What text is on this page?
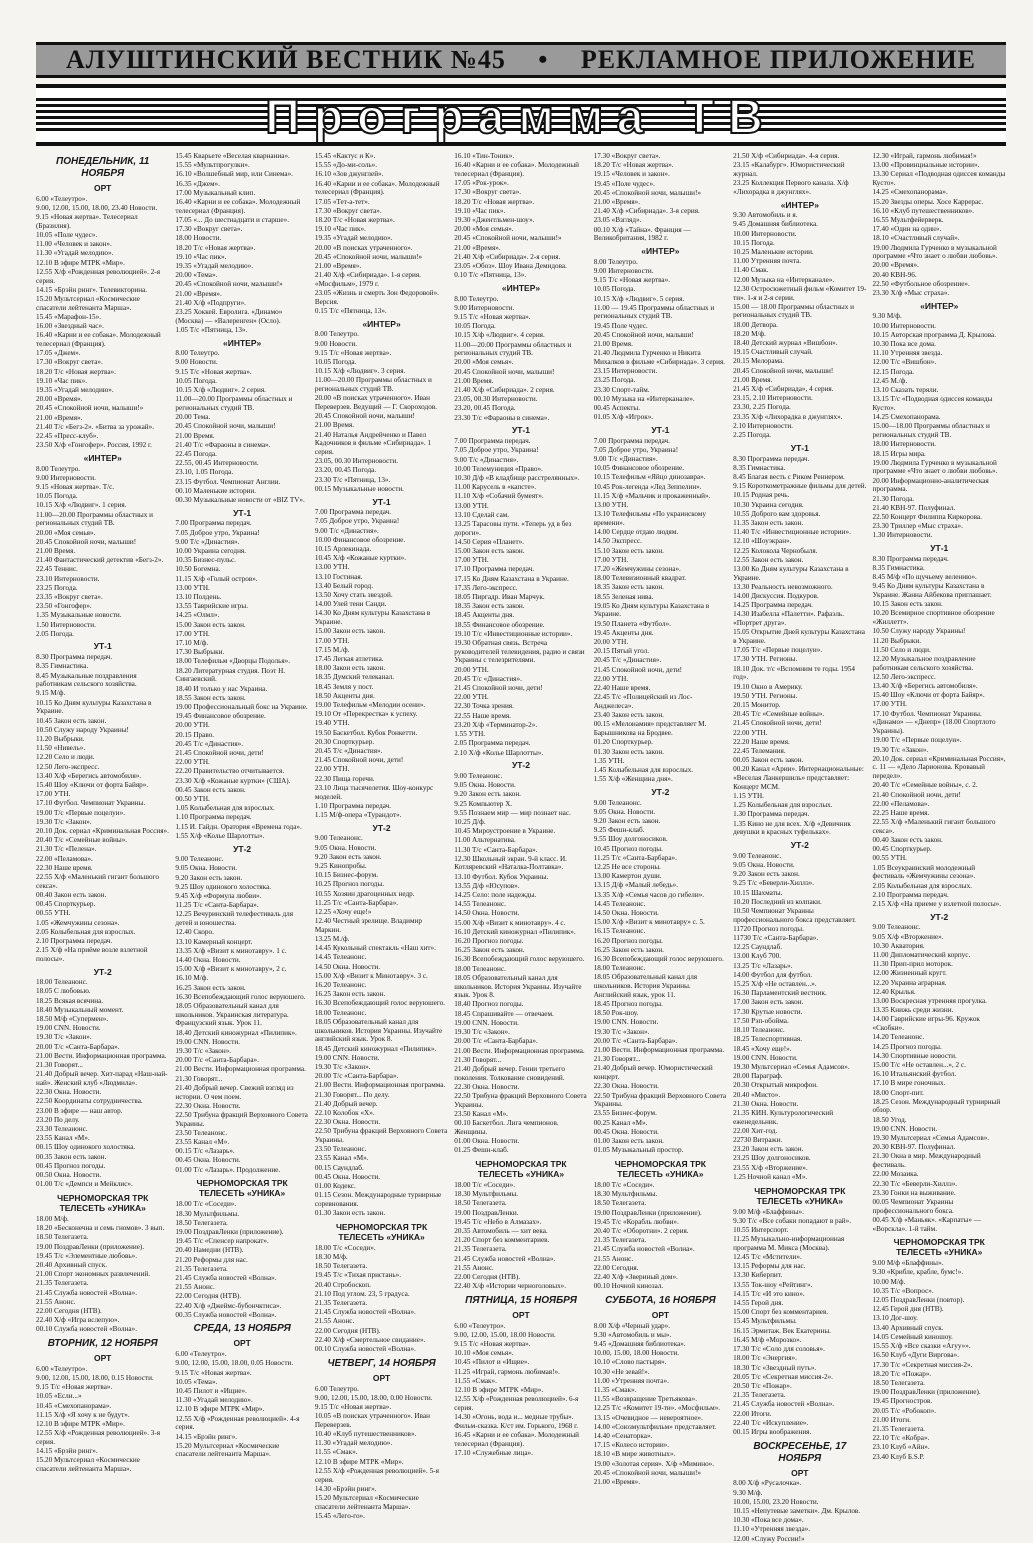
АЛУШТИНСКИЙ ВЕСТНИК №45 • РЕКЛАМНОЕ ПРИЛОЖЕНИЕ
Программа ТВ
ПОНЕДЕЛЬНИК, 11 НОЯБРЯ
ОРТ
6.00 «Телеутро».
9.00, 12.00, 15.00, 18.00, 23.40 Новости.
9.15 «Новая жертва». Телесериал (Бразилия).
10.05 «Поле чудес».
11.00 «Человек и закон».
11.30 «Угадай мелодию».
12.10 В эфире МТРК «Мир».
12.55 Х/ф «Рожденная революцией». 2-я серия.
14.15 «Брэйн ринг». Телевикторина.
15.20 Мультсериал «Космические спасатели лейтенанта Марша».
15.45 «Марафон-15».
16.00 «Звездный час».
16.40 «Карни и ее собака». Молодежный телесериал (Франция).
17.05 «Джем».
17.30 «Вокруг света».
18.20 Т/с «Новая жертва».
19.10 «Час пик».
19.35 «Угадай мелодию».
20.00 «Время».
20.45 «Спокойной ночи, малыши!»
21.00 «Время».
21.40 Т/с «Бегз-2». «Битва за урожай».
22.45 «Пресс-клуб».
23.50 Х/ф «Гонгофер». Россия, 1992 г.
«ИНТЕР»
8.00 Телеутро.
9.00 Интерновости.
9.15 «Новая жертва». Т/с.
10.05 Погода.
10.15 Х/ф «Людвиг». 1 серия.
11.00—20.00 Программы областных и региональных студий ТВ.
20.00 «Моя семья».
20.45 Спокойной ночи, малыши!
21.00 Время.
21.40 Фантастический детектив «Бегз-2».
22.45 Теннис.
23.10 Интерновости.
23.25 Погода.
23.35 «Вокруг света».
23.50 «Гонгофер».
1.35 Музыкальные новости.
1.50 Интерновости.
2.05 Погода.
УТ-1
8.30 Программа передач.
8.35 Гимнастика.
8.45 Музыкальные поздравления работникам сельского хозяйства.
9.15 М/ф.
10.15 Ко Дням культуры Казахстана в Украине.
10.45 Закон есть закон.
10.50 Служу народу Украины!
11.20 Выбрыки.
11.50 «Нивель».
12.20 Село и люди.
12.50 Лего-экспресс.
13.40 Х/ф «Берегись автомобиля».
15.40 Шоу «Ключи от форта Байяр».
17.00 УТН.
17.10 Футбол. Чемпионат Украины.
19.00 Т/с «Первые поцелуи».
19.30 Т/с «Закон».
20.10 Док. сериал «Криминальная Россия».
20.40 Т/с «Семейные войны».
21.30 Т/с «Пелена».
22.00 «Пеламова».
22.30 Наше время.
22.55 Х/ф «Маленький гигант большого секса».
00.40 Закон есть закон.
00.45 Спорткурьер.
00.55 УТН.
1.05 «Жемчужины сезона».
2.05 Колыбельная для взрослых.
2.10 Программа передач.
2.15 Х/ф «На приёме возле взлетной полосы».
УТ-2
18.00 Телеанонс.
18.05 С любовью.
18.25 Всякая всячина.
18.40 Музыкальный момент.
18.50 М/ф «Супермен».
19.00 CNN. Новости.
19.30 Т/с «Закон».
20.00 Т/с «Санта-Барбара».
21.00 Вести. Информационная программа.
21.30 Говорят...
21.40 Добрый вечер. Хит-парад «Наш-най-най». Женский клуб «Людмила».
22.30 Окна. Новости.
22.50 Координаты сотрудничества.
23.00 В эфире — наш автор.
23.20 По делу.
23.30 Телеанонс.
23.55 Канал «М».
00.15 Шоу одинокого холостяка.
00.35 Закон есть закон.
00.45 Прогноз погоды.
00.50 Окна. Новости.
01.00 Т/с «Демпси и Мейклис».
ЧЕРНОМОРСКАЯ ТРК ТЕЛЕСЕТЬ «УНИКА»
18.00 М/ф.
18.20 «Бесконечна и семь гномов». 3 вып.
18.50 Телегазета.
19.00 ПоздравЛенки (приложение).
19.45 Т/с «Элементные любовь».
20.40 Архивный спуск.
21.00 Спорт экономных развлечений.
21.35 Телегазета.
21.45 Служба новостей «Волна».
21.55 Анонс.
22.00 Сегодня (НТВ).
22.40 Х/ф «Игра вслепую».
00.10 Служба новостей «Волна».
ВТОРНИК, 12 НОЯБРЯ
ОРТ
6.00 «Телеутро».
9.00, 12.00, 15.00, 18.00, 0.15 Новости.
9.15 Т/с «Новая жертва».
10.05 «Если...»
10.45 «Смехопанорама».
11.15 Х/ф «Я хочу к не будут».
12.10 В эфире МТРК «Мир».
12.55 Х/ф «Рожденная революцией». 3-я серия.
14.15 «Брэйн ринг».
15.20 Мультсериал «Космические спасатели лейтенанта Марша».
15.45 Кварьете «Веселая кварнаниа».
15.55 «Мультпрогулки».
16.10 «Волшебный мир, или Синема».
16.35 «Джем».
17.00 Музыкальный клип.
16.40 «Карни и ее собака». Молодежный телесериал (Франция).
17.05 «... До шестнадцати и старше».
17.30 «Вокруг света».
18.00 Новости.
18.20 Т/с «Новая жертва».
19.10 «Час пик».
19.35 «Угадай мелодию».
20.00 «Тема».
20.45 «Спокойной ночи, малыши!»
21.00 «Время».
21.40 Х/ф «Подпруги».
23.25 Хоккей. Евролига. «Динамо» (Москва) — «Валеренген» (Осло).
1.05 Т/с «Пятница, 13».
«ИНТЕР»
8.00 Телеутро.
9.00 Новости.
9.15 Т/с «Новая жертва».
10.05 Погода.
10.15 Х/ф «Людвиг». 2 серия.
11.00—20.00 Программы областных и региональных студий ТВ.
20.00 Тема.
20.45 Спокойной ночи, малыши!
21.00 Время.
21.40 Т/с «Фараоны в синема».
22.45 Погода.
22.55, 00.45 Интерновости.
23.10, 1.05 Погода.
23.15 Футбол. Чемпионат Англии.
00.10 Маленькие истории.
00.30 Музыкальные новости от «BIZ TV».
УТ-1
7.00 Программа передач.
7.05 Доброе утро, Украина!
9.00 Т/с «Династия».
10.00 Украина сегодня.
10.35 Бизнес-пульс.
10.50 Богемна.
11.15 Х/ф «Голый остров».
13.00 УТН.
13.10 Полдень.
13.55 Таврийские игры.
14.25 «Олмл».
15.00 Закон есть закон.
17.00 УТН.
17.10 М/ф.
17.30 Выбрыки.
18.00 Телефильм «Дворцы Подолья».
18.20 Литературная студия. Поэт Н. Сингаевский.
18.40 И только у нас Украина.
18.55 Закон есть закон.
19.00 Профессиональный бокс на Украине.
19.45 Финансовое обозрение.
20.00 УТН.
20.15 Право.
20.45 Т/с «Династия».
21.45 Спокойной ночи, дети!
22.00 УТН.
22.20 Правительство отчитывается.
23.30 Х/ф «Кожаные куртки» (США).
00.45 Закон есть закон.
00.50 УТН.
1.05 Колыбельная для взрослых.
1.10 Программа передач.
1.15 И. Гайдн. Оратория «Времена года».
1.55 Х/ф «Колье Шарлотты».
УТ-2
9.00 Телеанонс.
9.05 Окна. Новости.
9.20 Закон есть закон.
9.25 Шоу одинокого холостяка.
9.45 Х/ф «Формула любви».
11.25 Т/с «Санта-Барбара».
12.25 Вечуринский телефестиваль для детей и юношества.
12.40 Скоро.
13.10 Камерный концерт.
13.35 Х/ф «Визит к минотавру». 1 с.
14.40 Окна. Новости.
15.00 Х/ф «Визит к минотавру», 2 с.
16.10 М/ф.
16.25 Закон есть закон.
16.30 Всепобеждающий голос веруюшего.
18.05 Образовательный канал для школьников. Украинская литература. Французский язык. Урок 11.
18.40 Детский киножурнал «Пилипик».
19.00 CNN. Новости.
19.30 Т/с «Закон».
20.00 Т/с «Санта-Барбара».
21.00 Вести. Информационная программа.
21.30 Говорят...
21.40 Добрый вечер. Свежий взгляд из истории. О чем поем.
22.30 Окна. Новости.
22.50 Трибуна фракций Верховного Совета Украины.
23.50 Телеанонс.
23.55 Канал «М».
00.15 Т/с «Лазарь».
00.45 Окна. Новости.
01.00 Т/с «Лазарь». Продолжение.
ЧЕРНОМОРСКАЯ ТРК ТЕЛЕСЕТЬ «УНИКА»
18.00 Т/с «Соседи».
18.30 Мультфильмы.
18.50 Телегазета.
19.00 ПоздравЛенки (приложение).
19.45 Т/с «Спенсер напрокат».
20.40 Намедни (НТВ).
21.20 Реформы для нас.
21.35 Телегазета.
21.45 Служба новостей «Волна».
21.55 Анонс.
22.00 Сегодня (НТВ).
22.40 Х/ф «Джеймс-бубончктиса».
00.35 Служба новостей «Волна».
СРЕДА, 13 НОЯБРЯ
ОРТ
6.00 «Телеутро».
9.00, 12.00, 15.00, 18.00, 0.05 Новости.
9.15 Т/с «Новая жертва».
10.05 «Тема».
10.45 Пилот и «Ищие».
11.30 «Угадай мелодию».
12.10 В эфире МТРК «Мир».
12.55 Х/ф «Рожденная революцией». 4-я серия.
14.15 «Брэйн ринг».
15.20 Мультсериал «Космические спасатели лейтенанта Марша».
15.45 «Кактус и К».
15.55 «До-ми-соль».
16.10 «Зов джунглей».
16.40 «Карни и ее собака». Молодежный телесериал (Франция).
17.05 «Тет-а-тет».
17.30 «Вокруг света».
18.20 Т/с «Новая жертва».
19.10 «Час пик».
19.35 «Угадай мелодию».
20.00 «В поисках утраченного».
20.45 «Спокойной ночи, малыши!»
21.00 «Время».
21.40 Х/ф «Сибириада». 1-я серия. «Мосфильм», 1979 г.
23.05 «Жизнь и смерть Зон Федоровой». Версия.
0.15 Т/с «Пятница, 13».
«ИНТЕР»
8.00 Телеутро.
9.00 Новости.
9.15 Т/с «Новая жертва».
10.05 Погода.
10.15 Х/ф «Людвиг». 3 серия.
11.00—20.00 Программы областных и региональных студий ТВ.
20.00 «В поисках утраченного». Иван Переверзев. Ведущий — Г. Скороходов.
20.45 Спокойной ночи, малыши!
21.00 Время.
21.40 Наталья Андрейченко и Павел Кадочников в фильме «Сибириада». 1 серия.
23.05, 00.30 Интерновости.
23.20, 00.45 Погода.
23.30 Т/с «Пятница, 13».
00.15 Музыкальные новости.
УТ-1
7.00 Программа передач.
7.05 Доброе утро, Украина!
9.00 Т/с «Династия».
10.00 Финансовое обозрение.
10.15 Арлекинада.
10.45 Х/ф «Кожаные куртки».
13.00 УТН.
13.10 Гостиная.
13.40 Белый город.
13.50 Хочу стать звездой.
14.00 Улей тени Санди.
14.30 Ко Дням культуры Казахстана в Украине.
15.00 Закон есть закон.
17.00 УТН.
17.15 М./ф.
17.45 Легкая атлетика.
18.00 Закон есть закон.
18.35 Думский телеканал.
18.45 Земля у пост.
18.50 Акценты дня.
19.00 Телефильм «Мелодии осени».
19.10 От «Перекрестка» к успеху.
19.40 УТН.
19.50 Баскетбол. Кубок Ронкетти.
20.30 Спорткурьер.
20.45 Т/с «Династия».
21.45 Спокойной ночи, дети!
22.00 УТН.
22.30 Пища горечи.
23.10 Лица тысячелетия. Шоу-конкурс моделей.
1.10 Программа передач.
1.15 М/ф-опера «Турандот».
УТ-2
9.00 Телеанонс.
9.05 Окна. Новости.
9.20 Закон есть закон.
9.25 Кинопробы.
10.15 Бизнес-форум.
10.25 Прогноз погоды.
10.55 Хозяин драгоценных недр.
11.25 Т/с «Санта-Барбара».
12.25 «Хочу еще!»
12.40 Честный зрелище. Владимир Маркин.
13.25 М./ф.
14.45 Кукольный спектакль «Наш хит».
14.45 Телеанонс.
14.50 Окна. Новости.
15.00 Х/ф «Визит к Минотавру». 3 с.
16.20 Телеанонс.
16.25 Закон есть закон.
16.30 Всепобеждающий голос веруюшего.
18.00 Телеанонс.
18.05 Образовательный канал для школьников. История Украины. Изучайте английский язык. Урок 8.
18.45 Детский киножурнал «Пилипик».
19.00 CNN. Новости.
19.30 Т/с «Закон».
20.00 Т/с «Санта-Барбара».
21.00 Вести. Информационная программа.
21.30 Говорят... По делу.
21.40 Добрый вечер.
22.10 Колобок «Х».
22.30 Окна. Новости.
22.50 Трибуна фракций Верховного Совета Украины.
23.50 Телеанонс.
23.55 Канал «М».
00.15 Саундлаб.
00.45 Окна. Новости.
01.00 Кодекс.
01.15 Сезон. Международные турнирные соревнования.
01.30 Закон есть закон.
ЧЕРНОМОРСКАЯ ТРК ТЕЛЕСЕТЬ «УНИКА»
18.00 Т/с «Соседи».
18.30 М/ф.
18.50 Телегазета.
19.45 Т/с «Тихая пристань».
20.40 Стробоскоп.
21.10 Под углом. 23, 5 градуса.
21.35 Телегазета.
21.45 Служба новостей «Волна».
21.55 Анонс.
22.00 Сегодня (НТВ).
22.40 Х/ф «Смертельное свидание».
00.10 Служба новостей «Волна».
ЧЕТВЕРГ, 14 НОЯБРЯ
ОРТ
6.00 Телеутро.
9.00, 12.00, 15.00, 18.00, 0.00 Новости.
9.15 Т/с «Новая жертва».
10.05 «В поисках утраченного». Иван Переверзев.
10.40 «Клуб путешественников».
11.30 «Угадай мелодию».
11.55 «Смак».
12.10 В эфире МТРК «Мир».
12.55 Х/ф «Рожденная революцией». 5-я серия.
14.30 «Брэйн ринг».
15.20 Мультсериал «Космические спасатели лейтенанта Марша».
15.45 «Лего-го».
16.10 «Тин-Тоник».
16.40 «Карни и ее собака». Молодежный телесериал (Франция).
17.05 «Рок-урок».
17.30 «Вокруг света».
18.20 Т/с «Новая жертва».
19.10 «Час пик».
19.30 «Джентльмен-шоу».
20.00 «Моя семья».
20.45 «Спокойной ночи, малыши!»
21.00 «Время».
21.40 Х/ф «Сибириада». 2-я серия.
23.05 «Обоз». Шоу Ивана Демидова.
0.10 Т/с «Пятница, 13».
«ИНТЕР»
8.00 Телеутро.
9.00 Интерновости.
9.15 Т/с «Новая жертва».
10.05 Погода.
10.15 Х/ф «Людвиг». 4 серия.
11.00—20.00 Программы областных и региональных студий ТВ.
20.00 «Моя семья».
20.45 Спокойной ночи, малыши!
21.00 Время.
21.40 Х/ф «Сибириада». 2 серия.
23.05, 00.30 Интерновости.
23.20, 00.45 Погода.
23.30 Т/с «Фараоны в синема».
УТ-1
7.00 Программа передач.
7.05 Доброе утро, Украина!
9.00 Т/с «Династия».
10.00 Телемуниция «Право».
10.30 Д/ф «В кладбище расстрелянных».
11.00 Карусель в «капсте».
11.10 Х/ф «Собачий бумеят».
13.00 УТН.
13.10 Сделай сам.
13.25 Тарасовы пути. «Теперь уд в без дороги».
14.50 Серия «Планет».
15.00 Закон есть закон.
17.00 УТН.
17.10 Программа передач.
17.15 Ко Дням Казахстана в Украине.
17.35 Лего-экспресс.
18.05 Пиргадр. Иван Марчук.
18.35 Закон есть закон.
18.45 Акценты дня.
18.55 Финансовое обозрение.
19.10 Т/с «Инвестиционные истории».
19.30 Обратная связь. Встреча руководителей телевидения, радио и связи Украины с телезрителями.
20.00 УТН.
20.45 Т/с «Династия».
21.45 Спокойной ночи, дети!
22.00 УТН.
22.30 Точка зрения.
22.55 Наше время.
23.20 Х/ф «Терминатор-2».
1.55 УТН.
2.05 Программа передач.
2.10 Х/ф «Колье Шарлотты».
УТ-2
9.00 Телеанонс.
9.05 Окна. Новости.
9.20 Закон есть закон.
9.25 Компьютер Х.
9.55 Познаем мир — мир познает нас.
10.25 Д/ф.
10.45 Мироустроение в Украине.
11.00 Альтернатива.
11.30 Т/с «Санта-Барбара».
12.30 Школьный экран. 9-й класс. И. Котляревский «Наталка-Полтавка».
13.10 Футбол. Кубок Украины.
13.55 Д/ф «Юсупов».
14.25 Село: поле надежды.
14.55 Телеанонс.
14.50 Окна. Новости.
15.00 Х/ф «Визит к минотавру». 4 с.
16.10 Детский киножурнал «Пилипик».
16.20 Прогноз погоды.
16.25 Закон есть закон.
16.30 Всепобеждающий голос веруюшего.
18.00 Телеанонс.
18.05 Образовательный канал для школьников. История Украины. Изучайте язык. Урок 8.
18.40 Прогноз погоды.
18.45 Спрашивайте — отвечаем.
19.00 CNN. Новости.
19.30 Т/с «Закон».
20.00 Т/с «Санта-Барбара».
21.00 Вести. Информационная программа.
21.30 Говорят...
21.40 Добрый вечер. Генни третьего поколения. Толкование сновидений.
22.30 Окна. Новости.
22.50 Трибуна фракций Верховного Совета Украины.
23.50 Канал «М».
00.10 Баскетбол. Лига чемпионов. Женщины.
01.00 Окна. Новости.
01.25 Фешн-клаб.
ЧЕРНОМОРСКАЯ ТРК ТЕЛЕСЕТЬ «УНИКА»
18.00 Т/с «Соседи».
18.30 Мультфильмы.
18.50 Телегазета.
19.00 ПоздравЛенки.
19.45 Т/с «Небо в Алмазах».
20.35 Автомобиль — хит века.
21.20 Спорт без комментариев.
21.35 Телегазета.
21.45 Служба новостей «Волна».
21.55 Анонс.
22.00 Сегодня (НТВ).
22.40 Х/ф «Истории черноголовых».
ПЯТНИЦА, 15 НОЯБРЯ
ОРТ
6.00 «Телеутро».
9.00, 12.00, 15.00, 18.00 Новости.
9.15 Т/с «Новая жертва».
10.10 «Моя семья».
10.45 «Пилот и «Ищие».
11.25 «Играй, гармонь любимая!».
11.55 «Смак».
12.10 В эфире МТРК «Мир».
12.55 Х/ф «Рожденная революцией». 6-я серия.
14.30 «Огонь, вода и... медные трубы». Фильм-сказка. К/ст им. Горького, 1968 г.
16.45 «Карни и ее собака». Молодежный телесериал (Франция).
17.10 «Служебные лица».
17.30 «Вокруг света».
18.20 Т/с «Новая жертва».
19.15 «Человек и закон».
19.45 «Поле чудес».
20.45 «Спокойной ночи, малыши!»
21.00 «Время».
21.40 Х/ф «Сибириада». 3-я серия.
23.05 «Взгляд».
00.10 Х/ф «Тайна». Франция — Великобритания, 1982 г.
«ИНТЕР»
8.00 Телеутро.
9.00 Интерновости.
9.15 Т/с «Новая жертва».
10.05 Погода.
10.15 Х/ф «Людвиг». 5 серия.
11.00 — 19.45 Программы областных и региональных студий ТВ.
19.45 Поле чудес.
20.45 Спокойной ночи, малыши!
21.00 Время.
21.40 Людмила Гурченко и Никита Михалков в фильме «Сибириада». 3 серия.
23.15 Интерновости.
23.25 Погода.
23.30 Спорт-тайм.
00.10 Музыка на «Интерканале».
00.45 Аспекты.
01.05 Х/ф «Игрок».
УТ-1
7.00 Программа передач.
7.05 Доброе утро, Украина!
9.00 Т/с «Династия».
10.05 Финансовое обозрение.
10.15 Телефильм «Яйцо динозавра».
10.45 Рок-легенда «Лед Зеппелин».
11.15 Х/ф «Мальчик и прокаженный».
13.00 УТН.
13.10 Телефильмы «По украинскому времени».
14.00 Сердце отдаю людям.
14.50 Экспресс.
15.10 Закон есть закон.
17.00 УТН.
17.20 «Жемчужины сезона».
18.00 Телевизионный квадрат.
18.35 Закон есть закон.
18.55 Зеленая нива.
19.05 Ко Дням культуры Казахстана в Украине.
19.50 Планета «Футбол».
19.45 Акценты дня.
20.00 УТН.
20.15 Пятый угол.
20.45 Т/с «Династия».
21.45 Спокойной ночи, дети!
22.00 УТН.
22.40 Наше время.
22.45 Т/с «Полицейский из Лос-Анджелеса».
23.40 Закон есть закон.
00.15 «Мелонамия» представляет М. Барышникова на Бродвее.
01.20 Спорткурьер.
01.30 Закон есть закон.
1.35 УТН.
1.45 Колыбельная для взрослых.
1.55 Х/ф «Женщина дня».
УТ-2
9.00 Телеанонс.
9.05 Окна. Новости.
9.20 Закон есть закон.
9.25 Фешн-клаб.
9.55 Шоу долгоносиков.
10.45 Прогноз погоды.
11.25 Т/с «Санта-Барбара».
12.25 Не все стороны.
13.00 Камертон души.
13.15 Д/ф «Малый лебедь».
13.35 Х/ф «Семья часов до гибели».
14.45 Телеанонс.
14.50 Окна. Новости.
15.00 Х/ф «Визит к минотавру» с. 5.
16.15 Телеанонс.
16.20 Прогноз погоды.
16.25 Закон есть закон.
16.30 Всепобеждающий голос веруюшего.
18.00 Телеанонс.
18.05 Образовательный канал для школьников. История Украины. Английский язык, урок 11.
18.45 Прогноз погоды.
18.50 Рок-шоу.
19.00 CNN. Новости.
19.30 Т/с «Закон».
20.00 Т/с «Санта-Барбара».
21.00 Вести. Информационная программа.
21.30 Говорят...
21.40 Добрый вечер. Юмористический концерт.
22.30 Окна. Новости.
22.50 Трибуна фракций Верховного Совета Украины.
23.55 Бизнес-форум.
00.25 Канал «М».
00.45 Окна. Новости.
01.00 Закон есть закон.
01.05 Музыкальный простор.
ЧЕРНОМОРСКАЯ ТРК ТЕЛЕСЕТЬ «УНИКА»
18.00 Т/с «Соседи».
18.30 Мультфильмы.
18.50 Телегазета.
19.00 ПоздравЛенки (приложение).
19.45 Т/с «Корабль любви».
20.40 Т/с «Оборотни». 2 серия.
21.35 Телегазета.
21.45 Служба новостей «Волна».
21.55 Анонс.
22.00 Сегодня.
22.40 Х/ф «Звериный дом».
00.10 Ночной кинозал.
СУББОТА, 16 НОЯБРЯ
ОРТ
8.00 Х/ф «Черный удар».
9.30 «Автомобиль и мы».
9.45 «Домашняя библиотека».
10.00, 15.00, 18.00 Новости.
10.10 «Слово пастыря».
10.30 «Не зевай!».
11.00 «Утренняя почта».
11.35 «Смак».
11.55 «Возвращение Третьякова».
12.25 Т/с «Комитет 19-ти». «Мосфильм».
13.15 «Очевидное — невероятное».
14.00 «Союзмультфильм» представляет.
14.40 «Сенаторка».
17.15 «Колесо истории».
18.10 «В мире животных».
19.00 «Золотая серия». Х/ф «Мимино».
20.45 «Спокойной ночи, малыши!»
21.00 «Время».
21.50 Х/ф «Сибириада». 4-я серия.
23.15 «Калабург». Юмористический журнал.
23.25 Коллекция Первого канала. Х/ф «Лихорадка в джунглях».
«ИНТЕР»
9.30 Автомобиль и я.
9.45 Домашняя библиотека.
10.00 Интерновости.
10.15 Погода.
10.25 Маленькие истории.
11.00 Утренняя почта.
11.40 Смак.
12.00 Музыка на «Интерканале».
12.30 Остросюжетный фильм «Комитет 19-ти». 1-я и 2-я серии.
15.00 — 18.00 Программы областных и региональных студий ТВ.
18.00 Детвора.
18.20 М/ф.
18.40 Детский журнал «Вишбон».
19.15 Счастливый случай.
20.15 Мелорама.
20.45 Спокойной ночи, малыши!
21.00 Время.
21.45 Х/ф «Сибириада», 4 серия.
23.15, 2.10 Интерновости.
23.30, 2.25 Погода.
23.35 Х/ф «Лихорадка в джунглях».
2.10 Интерновости.
2.25 Погода.
УТ-1
8.30 Программа передач.
8.35 Гимнастика.
8.45 Благая весть с Риком Реннером.
9.15 Короткометражные фильмы для детей.
10.15 Родная речь.
10.30 Украина сегодня.
10.55 Доброго вам здоровья.
11.35 Закон есть закон.
11.40 Т/с «Инвестиционные истории».
12.10 «Шоуэкран».
12.25 Колокола Чернобыля.
12.55 Закон есть закон.
13.00 Ко Дням культуры Казахстана в Украине.
13.30 Реальность невозможного.
14.00 Дискуссия. Подкуров.
14.25 Программа передач.
14.30 Изабелла «Палетти». Рафаэль. «Портрет друга».
15.05 Открытие Дней культуры Казахстана в Украине.
17.05 Т/с «Первые поцелуи».
17.30 УТН. Регионы.
18.10 Док. т/с «Вспомним те годы. 1954 год».
19.10 Окно в Америку.
19.50 УТН. Регионы.
20.15 Монитор.
20.45 Т/с «Семейные войны».
21.45 Спокойной ночи, дети!
22.00 УТН.
22.20 Наше время.
22.45 Телемания.
00.05 Закон есть закон.
00.20 Канал «Арии». Интернациональные: «Веселая Ланкершиль» представляет: Концерт МСМ.
1.15 УТН.
1.25 Колыбельная для взрослых.
1.30 Программа передач.
1.35 Кино не для всех. Х/ф «Девичник девушки в красных туфельках».
УТ-2
9.00 Телеанонс.
9.05 Окна. Новости.
9.20 Закон есть закон.
9.25 Т/с «Беверли-Хиллз».
10.15 Шахматы.
10.20 Последний из колпаки.
10.50 Чемпионат Украины профессионального бокса представляет.
11720 Прогноз погоды.
11730 Т/с «Санта-Барбара».
12.25 Саундлаб.
13.00 Клуб 700.
13.25 Т/с «Лазарь».
14.00 Футбол для футбол.
15.25 Х/ф «Не оставлен...».
16.30 Парламентский вестник.
17.00 Закон есть закон.
17.30 Крутые новости.
17.50 Рэп-обойма.
18.10 Телеанонс.
18.25 Телеспортивная.
18.45 «Хочу еще!».
19.00 CNN. Новости.
19.30 Мультсериал «Семья Адамсов».
20.00 Параграф.
20.30 Открытый микрофон.
20.40 «Мисто».
21.30 Окна. Новости.
21.35 КИН. Культурологический еженедельник.
22.00 Хит-год.
22730 Витражи.
23.20 Закон есть закон.
23.25 Шоу долгоносиков.
23.55 Х/ф «Вторжение».
1.25 Ночной канал «М».
ЧЕРНОМОРСКАЯ ТРК ТЕЛЕСЕТЬ «УНИКА»
9.00 М/ф «Блаффины».
9.30 Т/с «Все собаки попадают в рай».
10.55 Интерспорт.
11.25 Музыкально-информационная программа М. Микса (Москва).
12.45 Т/с «Мстители».
13.15 Реформы для нас.
13.30 Киберпит.
13.55 Ток-шоу «Рейтинг».
14.15 Т/с «И это кино».
14.55 Герой дня.
15.00 Спорт без комментариев.
15.45 Мультфильмы.
16.15 Эрмитаж. Век Екатерины.
16.45 М/ф «Морозко».
17.30 Т/с «Соло для соловья».
18.00 Т/с «Энергия».
18.30 Т/с «Звездный путь».
20.05 Т/с «Секретная миссия-2».
20.50 Т/с «Пожар».
21.35 Телегазета.
21.45 Служба новостей «Волна».
22.00 Итоги.
22.40 Т/с «Искупление».
00.15 Игры воображения.
ВОСКРЕСЕНЬЕ, 17 НОЯБРЯ
ОРТ
8.00 Х/ф «Русалочка».
9.30 М/ф.
10.00, 15.00, 23.20 Новости.
10.15 «Непутевые заметки». Дм. Крылов.
10.30 «Пока все дома».
11.10 «Утренняя звезда».
12.00 «Служу России!»
12.30 «Играй, гармонь любимая!»
13.00 «Провинциальные истории».
13.30 Сериал «Подводная одиссея команды Кусто».
14.25 «Смехопанорама».
15.20 Звезды оперы. Хосе Каррерас.
16.10 «Клуб путешественников».
16.55 Мультфейерверк.
17.40 «Один на один».
18.10 «Счастливый случай».
19.00 Людмила Гурченко в музыкальной программе «Что знает о любви любовь».
20.00 «Время».
20.40 КВН-96.
22.50 «Футбольное обозрение».
23.30 Х/ф «Мыс страха».
«ИНТЕР»
9.30 М/ф.
10.00 Интерновости.
10.15 Авторская программа Д. Крылова.
10.30 Пока все дома.
11.10 Утренняя звезда.
12.00 Т/с «Вишбон».
12.15 Погода.
12.45 М./ф.
13.10 Сказать теряли.
13.15 Т/с «Подводная одиссея команды Кусто».
14.25 Смехопанорама.
15.00—18.00 Программы областных и региональных студий ТВ.
18.00 Интерновости.
18.15 Игры мира.
19.00 Людмила Гурченко в музыкальной программе «Что знает о любви любовь».
20.00 Информационно-аналитическая программа.
21.30 Погода.
21.40 КВН-97. Полуфинал.
22.50 Концерт Филиппа Киркорова.
23.30 Триллер «Мыс страха».
1.30 Интерновости.
УТ-1
8.30 Программа передач.
8.35 Гимнастика.
8.45 М/ф «По щучьему велению».
9.45 Ко Дням культуры Казахстана в Украине. Жанна Айбекова приглашает.
10.15 Закон есть закон.
10.20 Всемирное спортивное обозрение «Жиллетт».
10.50 Служу народу Украины!
11.20 Выбрыки.
11.50 Село и люди.
12.20 Музыкальное поздравление работникам сельского хозяйства.
12.50 Лего-экспресс.
13.40 Х/ф «Берегись автомобиля».
15.40 Шоу «Ключи от форта Байяр».
17.00 УТН.
17.10 Футбол. Чемпионат Украины. «Динамо» — «Днепр» (18.00 Спортлото Украины).
19.00 Т/с «Первые поцелуи».
19.30 Т/с «Закон».
20.10 Док. сериал «Криминальная Россия», с. 11 — «Дело Ларионова. Кровавый передел».
20.40 Т/с «Семейные войны», с. 2.
21.40 Спокойной ночи, дети!
22.00 «Пеламова».
22.25 Наше время.
22.55 Х/ф «Маленький гигант большого секса».
00.40 Закон есть закон.
00.45 Спорткурьер.
00.55 УТН.
1.05 Всеукраинский молодежный фестиваль «Жемчужины сезона».
2.05 Колыбельная для взрослых.
2.10 Программа передач.
2.15 Х/ф «На приеме у взлетной полосы».
УТ-2
9.00 Телеанонс.
9.05 Х/ф «Вторжение».
10.30 Акватория.
11.00 Дипломатический корпус.
11.30 Прип-прил моторок.
12.00 Жизненный кругт.
12.20 Украина аграрная.
12.40 Крылья.
13.00 Воскресная утренняя прогулка.
13.35 Книжь среди жизни.
14.00 Гаврийские игры-96. Кружок «Скобки».
14.20 Телеанонс.
14.25 Прогноз погоды.
14.30 Спортивные новости.
15.00 Т/с «Не оставлен...», 2 с.
16.10 Итальянский футбол.
17.10 В мире гоночных.
18.00 Спорт-пит.
18.25 Сезон. Международный турнирный обзор.
18.50 Угод.
19.00 CNN. Новости.
19.30 Мультсериал «Семья Адамсов».
20.30 КВН-97. Полуфинал.
21.30 Окна в мир. Международный фестиваль.
22.00 Мозаика.
22.30 Т/с «Беверли-Хиллз».
23.30 Гонки на выживание.
00.05 Чемпионат Украины профессионального бокса.
00.45 Х/ф «Маньяк». «Карпаты» — «Ворскла». 1-й тайм.
ЧЕРНОМОРСКАЯ ТРК ТЕЛЕСЕТЬ «УНИКА»
9.00 М/ф «Блаффины».
9.30 «Крибле, крабле, бумс!».
10.00 М/ф.
10.35 Т/с «Вопрос».
12.05 ПоздравЛенки (повтор).
12.45 Герой дня (НТВ).
13.10 Дог-шоу.
13.40 Архивный спуск.
14.05 Семейный киношоу.
15.55 Х/ф «Все сказки «Агуу»».
16.50 Клуб «Дуги Виргова».
17.30 Т/с «Секретная миссия-2».
18.20 Т/с «Пожар».
18.50 Телегазета.
19.00 ПоздравЛенки (приложение).
19.45 Прогностров.
20.05 Т/с «Робокоп».
21.00 Итоги.
21.35 Телегазета.
22.10 Т/с «Кобра».
23.10 Клуб «Айн».
23.40 Клуб Б.S.P.
